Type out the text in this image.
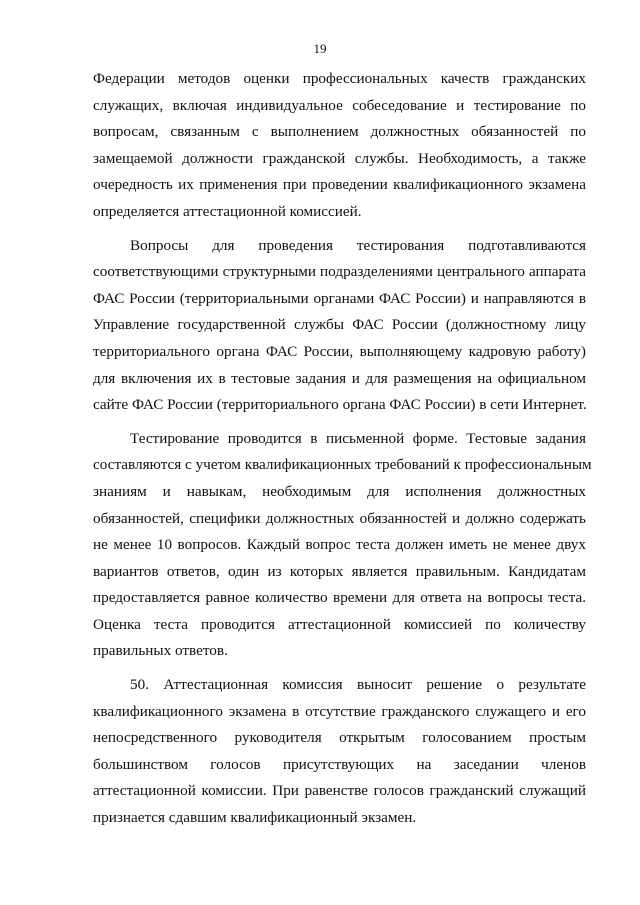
19

Федерации методов оценки профессиональных качеств гражданских
служащих, включая индивидуальное собеседование и тестирование по
вопросам, связанным с выполнением должностных обязанностей по
замещаемой должности гражданской службы. Необходимость, а также
очередность их применения при проведении квалификационного экзамена
определяется аттестационной комиссией.

Вопросы для проведения тестирования подготавливаются
соответствующими структурными подразделениями центрального аппарата
ФАС России (территориальными органами ФАС России) и направляются в
Управление государственной службы ФАС России (должностному лицу
территориального органа ФАС России, выполняющему кадровую работу)
для включения их в тестовые задания и для размещения на официальном
сайте ФАС России (территориального органа ФАС России) в сети Интернет.

Тестирование проводится в письменной форме. Тестовые задания
составляются с учетом квалификационных требований к профессиональным
знаниям и навыкам, необходимым для исполнения должностных
обязанностей, специфики должностных обязанностей и должно содержать
не менее 10 вопросов. Каждый вопрос теста должен иметь не менее двух
вариантов ответов, один из которых является правильным. Кандидатам
предоставляется равное количество времени для ответа на вопросы теста.
Оценка теста проводится аттестационной комиссией по количеству
правильных ответов.

50. Аттестационная комиссия выносит решение о результате
квалификационного экзамена в отсутствие гражданского служащего и его
непосредственного руководителя открытым голосованием простым
большинством голосов присутствующих на заседании членов
аттестационной комиссии. При равенстве голосов гражданский служащий
признается сдавшим квалификационный экзамен.
